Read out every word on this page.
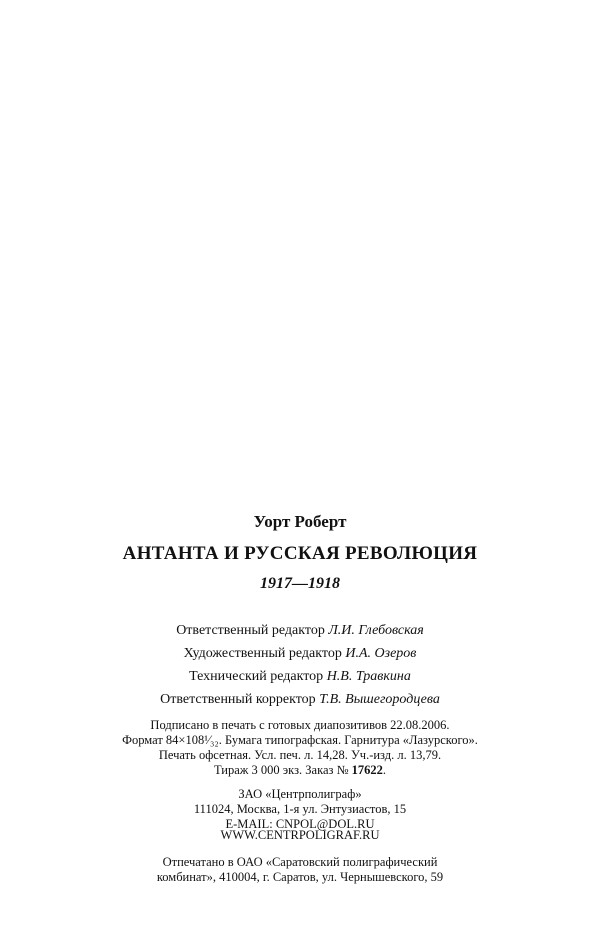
Уорт Роберт
АНТАНТА И РУССКАЯ РЕВОЛЮЦИЯ
1917—1918
Ответственный редактор Л.И. Глебовская
Художественный редактор И.А. Озеров
Технический редактор Н.В. Травкина
Ответственный корректор Т.В. Вышегородцева
Подписано в печать с готовых диапозитивов 22.08.2006.
Формат 84×108¹⁄₃₂. Бумага типографская. Гарнитура «Лазурского».
Печать офсетная. Усл. печ. л. 14,28. Уч.-изд. л. 13,79.
Тираж 3 000 экз. Заказ № 17622.
ЗАО «Центрполиграф»
111024, Москва, 1-я ул. Энтузиастов, 15
E-MAIL: CNPOL@DOL.RU
WWW.CENTRPOLIGRAF.RU
Отпечатано в ОАО «Саратовский полиграфический
комбинат», 410004, г. Саратов, ул. Чернышевского, 59
